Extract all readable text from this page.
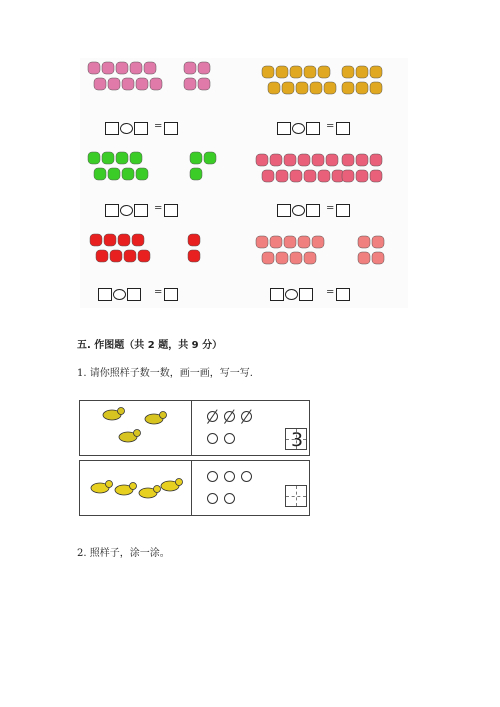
=	=
=	=
=	=
五. 作图题（共 2 题，共 9 分）
1. 请你照样子数一数，画一画，写一写.
3
2. 照样子，涂一涂。
